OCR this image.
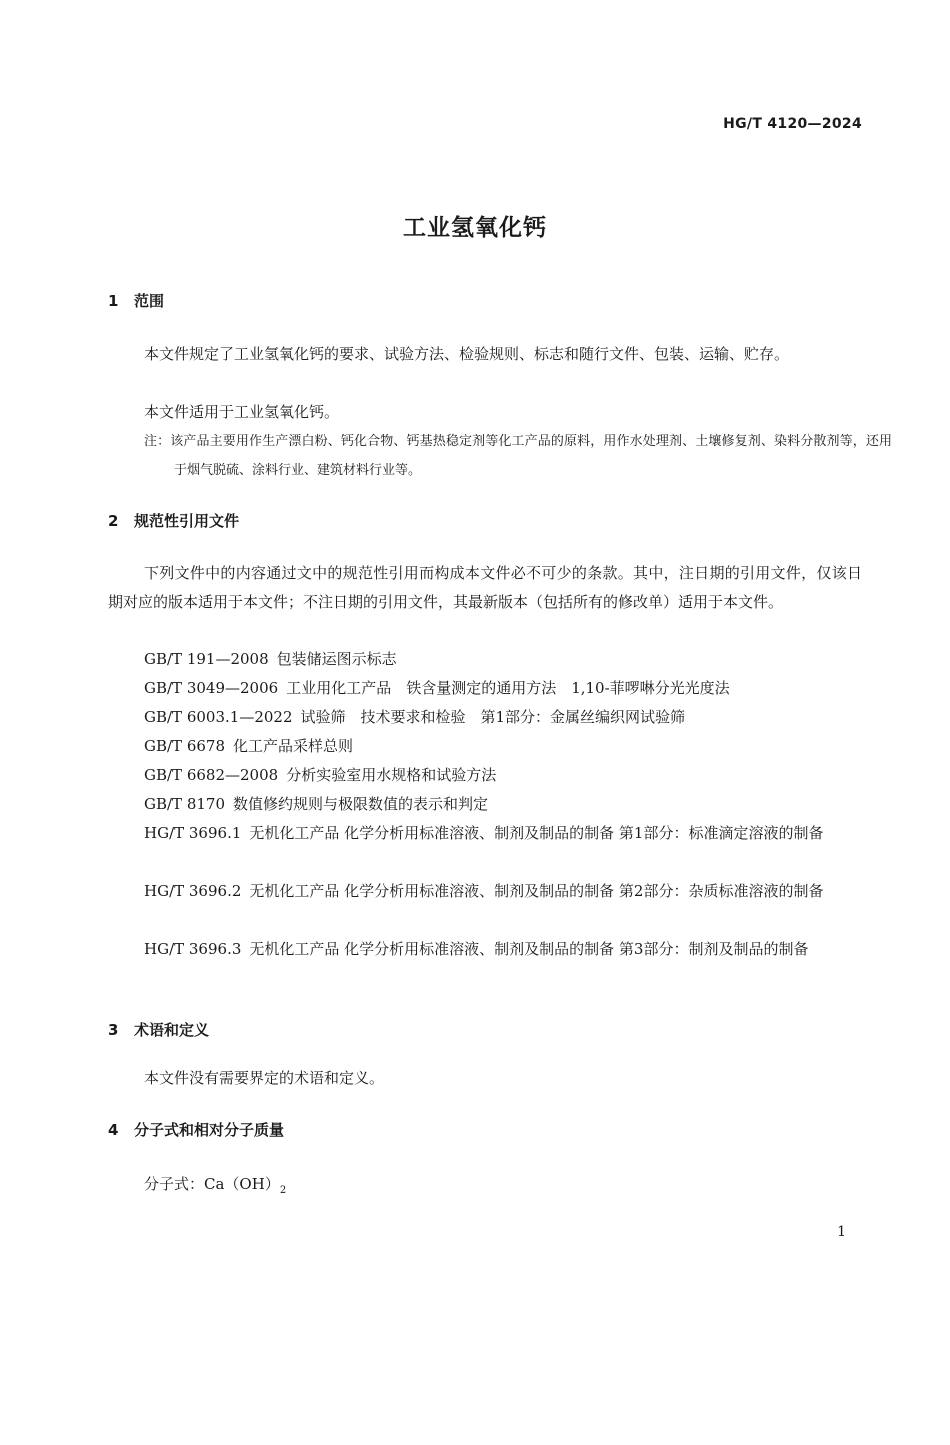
HG/T 4120—2024
工业氢氧化钙
1 范围
本文件规定了工业氢氧化钙的要求、试验方法、检验规则、标志和随行文件、包装、运输、贮存。
本文件适用于工业氢氧化钙。
注：该产品主要用作生产漂白粉、钙化合物、钙基热稳定剂等化工产品的原料，用作水处理剂、土壤修复剂、染料分散剂等，还用于烟气脱硫、涂料行业、建筑材料行业等。
2 规范性引用文件
下列文件中的内容通过文中的规范性引用而构成本文件必不可少的条款。其中，注日期的引用文件，仅该日期对应的版本适用于本文件；不注日期的引用文件，其最新版本（包括所有的修改单）适用于本文件。
GB/T 191—2008 包装储运图示标志
GB/T 3049—2006 工业用化工产品　铁含量测定的通用方法　1,10-菲啰啉分光光度法
GB/T 6003.1—2022 试验筛　技术要求和检验　第1部分：金属丝编织网试验筛
GB/T 6678 化工产品采样总则
GB/T 6682—2008 分析实验室用水规格和试验方法
GB/T 8170 数值修约规则与极限数值的表示和判定
HG/T 3696.1 无机化工产品 化学分析用标准溶液、制剂及制品的制备 第1部分：标准滴定溶液的制备
HG/T 3696.2 无机化工产品 化学分析用标准溶液、制剂及制品的制备 第2部分：杂质标准溶液的制备
HG/T 3696.3 无机化工产品 化学分析用标准溶液、制剂及制品的制备 第3部分：制剂及制品的制备
3 术语和定义
本文件没有需要界定的术语和定义。
4 分子式和相对分子质量
分子式：$Ca(OH)_2$
1
